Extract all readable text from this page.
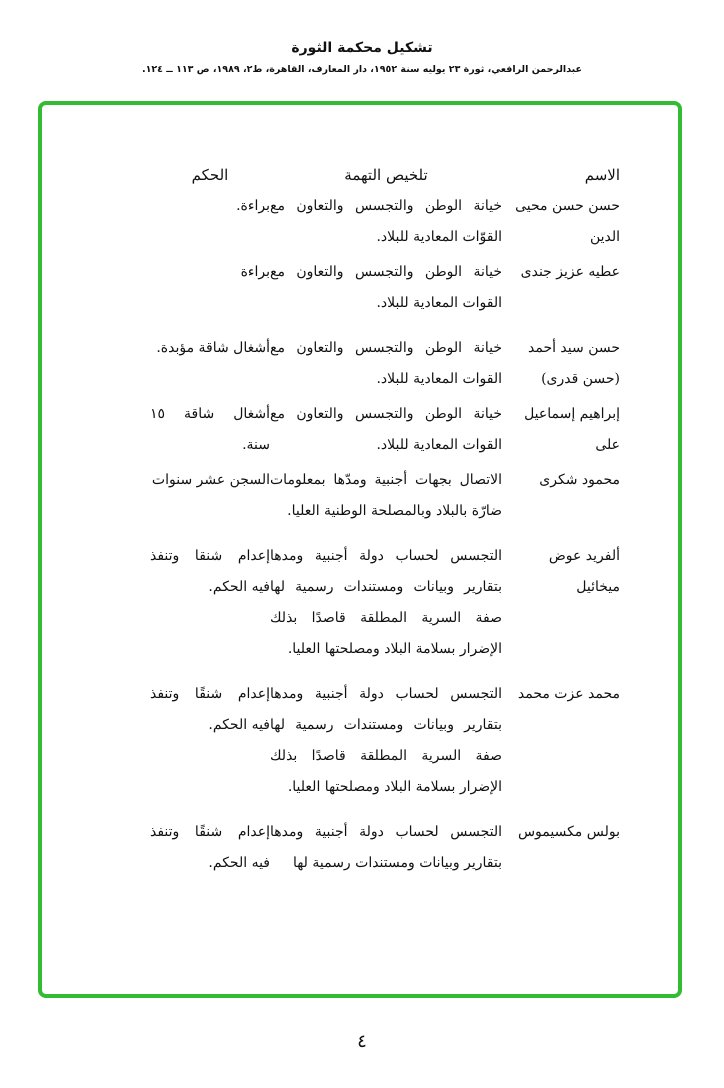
تشكيل محكمة الثورة

عبدالرحمن الرافعي، ثورة ٢٣ يوليه سنة ١٩٥٢، دار المعارف، القاهرة، ط٢، ١٩٨٩، ص ١١٣ ــ ١٢٤.

الاسم	تلخيص التهمة	الحكم
حسن حسن محيى الدين	خيانة الوطن والتجسس والتعاون مع القوّات المعادية للبلاد.	براءة.
عطيه عزيز جندى	خيانة الوطن والتجسس والتعاون مع القوات المعادية للبلاد.	براءة
حسن سيد أحمد (حسن قدرى)	خيانة الوطن والتجسس والتعاون مع القوات المعادية للبلاد.	أشغال شاقة مؤبدة.
إبراهيم إسماعيل على	خيانة الوطن والتجسس والتعاون مع القوات المعادية للبلاد.	أشغال شاقة ١٥ سنة.
محمود شكرى	الاتصال بجهات أجنبية ومدّها بمعلومات ضارّة بالبلاد وبالمصلحة الوطنية العليا.	السجن عشر سنوات
ألفريد عوض ميخائيل	التجسس لحساب دولة أجنبية ومدها بتقارير وبيانات ومستندات رسمية لها صفة السرية المطلقة قاصدًا بذلك الإضرار بسلامة البلاد ومصلحتها العليا.	إعدام شنقا وتنفذ فيه الحكم.
محمد عزت محمد	التجسس لحساب دولة أجنبية ومدها بتقارير وبيانات ومستندات رسمية لها صفة السرية المطلقة قاصدًا بذلك الإضرار بسلامة البلاد ومصلحتها العليا.	إعدام شنقًا وتنفذ فيه الحكم.
بولس مكسيموس	التجسس لحساب دولة أجنبية ومدها بتقارير وبيانات ومستندات رسمية لها	إعدام شنقًا وتنفذ فيه الحكم.
٤
